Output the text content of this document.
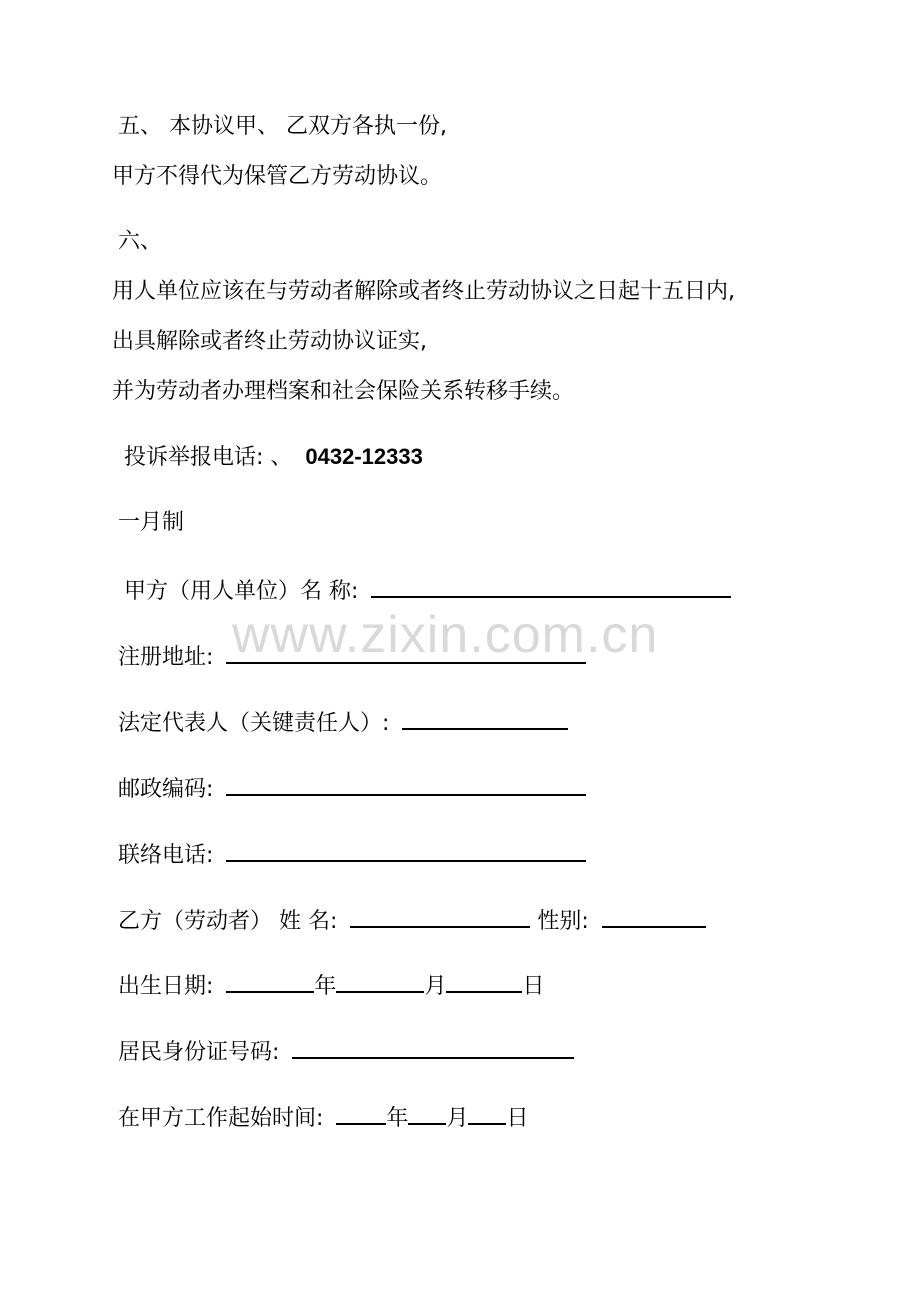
五、 本协议甲、 乙双方各执一份,
甲方不得代为保管乙方劳动协议。
六、
用人单位应该在与劳动者解除或者终止劳动协议之日起十五日内,
出具解除或者终止劳动协议证实,
并为劳动者办理档案和社会保险关系转移手续。
投诉举报电话: 、 0432-12333
一月制
www.zixin.com.cn
甲方（用人单位）名 称:
注册地址:
法定代表人（关键责任人）:
邮政编码:
联络电话:
乙方（劳动者） 姓 名:	性别:
出生日期:	年	月	日
居民身份证号码:
在甲方工作起始时间:	年 月 日
